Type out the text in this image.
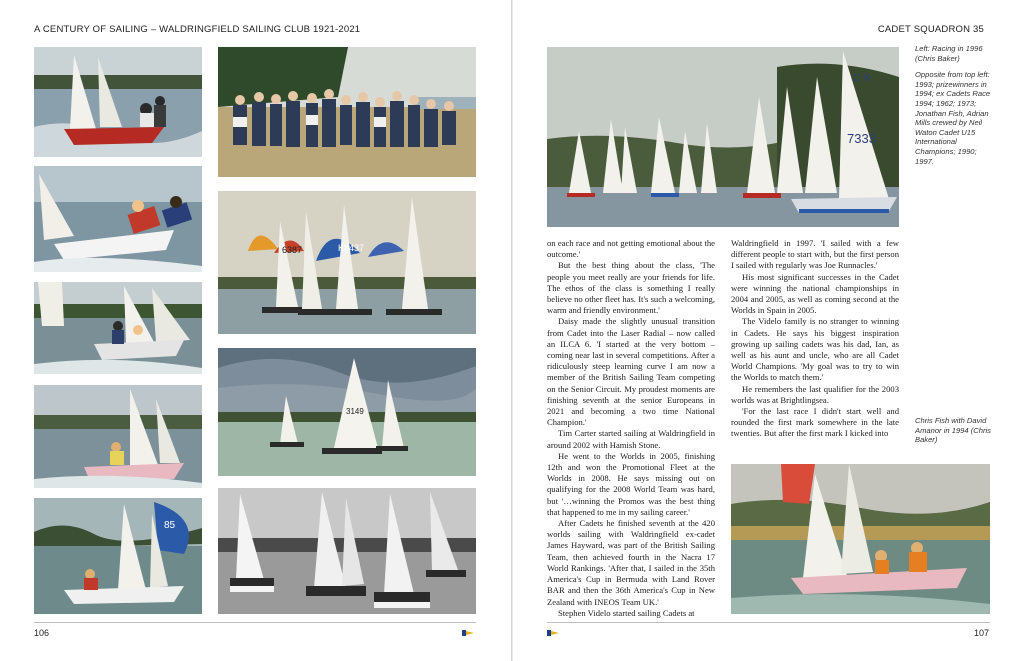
A CENTURY OF SAILING – WALDRINGFIELD SAILING CLUB 1921-2021	CADET SQUADRON 35
6387	K8437
3149
85
7333
C K

Left: Racing in 1996 (Chris Baker)

Opposite from top left: 1993; prizewinners in 1994; ex Cadets Race 1994; 1962; 1973; Jonathan Fish, Adrian Mills crewed by Neil Waton Cadet U15 International Champions; 1990; 1997.

Chris Fish with David Amanor in 1994 (Chris Baker)

on each race and not getting emotional about the outcome.'

But the best thing about the class, 'The people you meet really are your friends for life. The ethos of the class is something I really believe no other fleet has. It's such a welcoming, warm and friendly environment.'

Daisy made the slightly unusual transition from Cadet into the Laser Radial – now called an ILCA 6. 'I started at the very bottom – coming near last in several competitions. After a ridiculously steep learning curve I am now a member of the British Sailing Team competing on the Senior Circuit. My proudest moments are finishing seventh at the senior Europeans in 2021 and becoming a two time National Champion.'

Tim Carter started sailing at Waldringfield in around 2002 with Hamish Stone.

He went to the Worlds in 2005, finishing 12th and won the Promotional Fleet at the Worlds in 2008. He says missing out on qualifying for the 2008 World Team was hard, but '…winning the Promos was the best thing that happened to me in my sailing career.'

After Cadets he finished seventh at the 420 worlds sailing with Waldringfield ex-cadet James Hayward, was part of the British Sailing Team, then achieved fourth in the Nacra 17 World Rankings. 'After that, I sailed in the 35th America's Cup in Bermuda with Land Rover BAR and then the 36th America's Cup in New Zealand with INEOS Team UK.'

Stephen Videlo started sailing Cadets at

Waldringfield in 1997. 'I sailed with a few different people to start with, but the first person I sailed with regularly was Joe Runnacles.'

His most significant successes in the Cadet were winning the national championships in 2004 and 2005, as well as coming second at the Worlds in Spain in 2005.

The Videlo family is no stranger to winning in Cadets. He says his biggest inspiration growing up sailing cadets was his dad, Ian, as well as his aunt and uncle, who are all Cadet World Champions. 'My goal was to try to win the Worlds to match them.'

He remembers the last qualifier for the 2003 worlds was at Brightlingsea.

'For the last race I didn't start well and rounded the first mark somewhere in the late twenties. But after the first mark I kicked into

106	107
